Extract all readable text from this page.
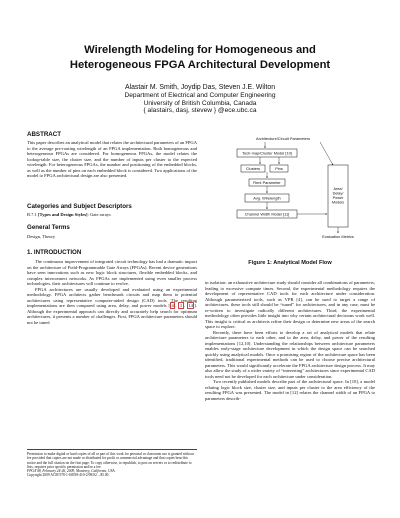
Wirelength Modeling for Homogeneous and
Heterogeneous FPGA Architectural Development
Alastair M. Smith, Joydip Das, Steven J.E. Wilton
Department of Electrical and Computer Engineering
University of British Columbia, Canada
{ alastairs, dasj, stevew } @ece.ubc.ca
ABSTRACT
This paper describes an analytical model that relates the architectural parameters of an FPGA to the average pre-routing wirelength of an FPGA implementation. Both homogeneous and heterogeneous FPGAs are considered. For homogeneous FPGAs, the model relates the lookup-table size, the cluster size, and the number of inputs per cluster to the expected wirelength. For heterogeneous FPGAs, the number and positioning of the embedded blocks, as well as the number of pins on each embedded block is considered. Two applications of the model to FPGA architectural design are also presented.
Categories and Subject Descriptors
B.7.1 [Types and Design Styles]: Gate arrays
General Terms
Design, Theory
1. INTRODUCTION

The continuous improvement of integrated circuit technology has had a dramatic impact on the architecture of Field-Programmable Gate Arrays (FPGAs). Recent device generations have seen innovations such as new logic block structures, flexible embedded blocks, and complex interconnect networks. As FPGAs are implemented using even smaller process technologies, their architectures will continue to evolve.

FPGA architectures are usually developed and evaluated using an experimental methodology. FPGA architects gather benchmark circuits and map them to potential architectures using representative computer-aided design (CAD) tools. The resulting implementations are then compared using area, delay, and power models [ 4 , 1 , 14 ]. Although the experimental approach can directly and accurately help search for optimum architectures, it presents a number of challenges. First, FPGA architecture parameters should not be tuned

Permission to make digital or hard copies of all or part of this work for personal or classroom use is granted without fee provided that copies are not made or distributed for profit or commercial advantage and that copies bear this notice and the full citation on the first page. To copy otherwise, to republish, to post on servers or to redistribute to lists, requires prior specific permission and/or a fee.
FPGA'08, February 24-26, 2009, Monterey, California, USA.
Copyright 2009 ACM 978-1-60558-410-2/09/02 ...$5.00.
Architecture/Circuit Parameters
Tech-map/Cluster Model [10]
Clusters	Pins
Rent Parameter
Avg. Wirelength
Channel Width Model [11]
Area/ Delay/ Power Models
Evaluation Metrics
Figure 1: Analytical Model Flow

in isolation: an exhaustive architecture study should consider all combinations of parameters, leading to excessive compute times. Second, the experimental methodology requires the development of representative CAD tools for each architecture under consideration. Although parameterized tools, such as VPR [4], can be used to target a range of architectures, these tools still should be “tuned” for architectures, and in any case, must be re-written to investigate radically different architectures. Third, the experimental methodology often provides little insight into why certain architectural decisions work well. This insight is critical as architects refine their design or determine new areas of the search space to explore.

Recently, there have been efforts to develop a set of analytical models that relate architecture parameters to each other, and to the area, delay, and power of the resulting implementations [12,10]. Understanding the relationships between architecture parameters enables early-stage architecture development in which the design space can be searched quickly using analytical models. Once a promising region of the architecture space has been identified, traditional experimental methods can be used to choose precise architectural parameters. This would significantly accelerate the FPGA architecture design process. It may also allow the study of a wider variety of “interesting” architectures since experimental CAD tools need not be developed for each architecture under consideration.

Two recently published models describe part of the architectural space. In [10], a model relating logic block size, cluster size, and inputs per cluster to the area efficiency of the resulting FPGA was presented. The model in [12] relates the channel width of an FPGA to parameters describ-
